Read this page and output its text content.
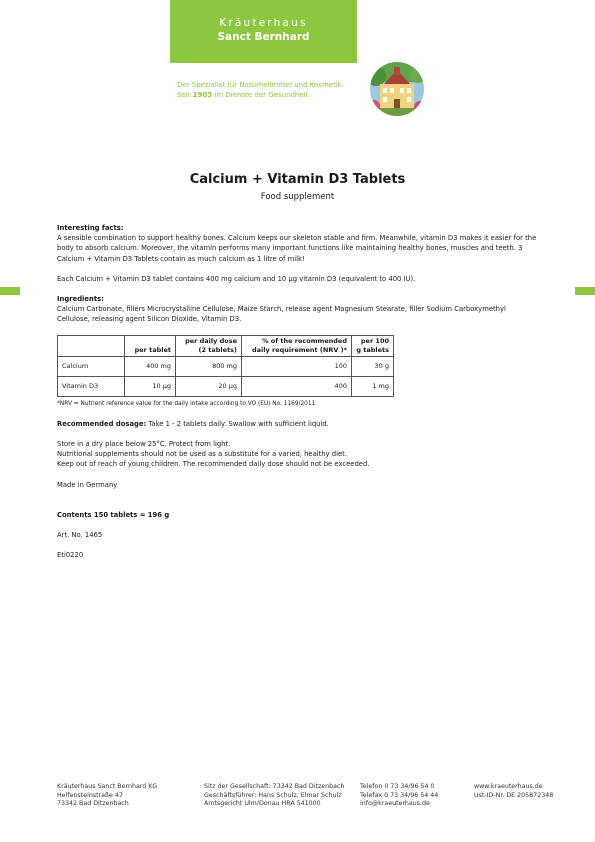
Kräuterhaus
Sanct Bernhard
Der Spezialist für Naturheilmittel und Kosmetik.
Seit 1903 im Dienste der Gesundheit.
Calcium + Vitamin D3 Tablets
Food supplement

Interesting facts:

A sensible combination to support healthy bones. Calcium keeps our skeleton stable and firm. Meanwhile, vitamin D3 makes it easier for the body to absorb calcium. Moreover, the vitamin performs many important functions like maintaining healthy bones, muscles and teeth. 3 Calcium + Vitamin D3 Tablets contain as much calcium as 1 litre of milk!

Each Calcium + Vitamin D3 tablet contains 400 mg calcium and 10 µg vitamin D3 (equivalent to 400 IU).

Ingredients:

Calcium Carbonate, fillers Microcrystalline Cellulose, Maize Starch, release agent Magnesium Stearate, filler Sodium Carboxymethyl Cellulose, releasing agent Silicon Dioxide, Vitamin D3.

	per tablet	per daily dose (2 tablets)	% of the recommended daily requirement (NRV )*	per 100 g tablets
Calcium	400 mg	800 mg	100	30 g
Vitamin D3	10 µg	20 µg	400	1 mg

*NRV = Nutrient reference value for the daily intake according to VO (EU) No. 1169/2011

Recommended dosage: Take 1 - 2 tablets daily. Swallow with sufficient liquid.

Store in a dry place below 25°C. Protect from light.

Nutritional supplements should not be used as a substitute for a varied, healthy diet.

Keep out of reach of young children. The recommended daily dose should not be exceeded.

Made in Germany

Contents 150 tablets = 196 g

Art. No. 1465

Eti0220

Kräuterhaus Sanct Bernhard KG
Helfensteinstraße 47
73342 Bad Ditzenbach
Sitz der Gesellschaft: 73342 Bad Ditzenbach
Geschäftsführer: Hans Schulz, Elmar Schulz
Amtsgericht Ulm/Donau HRA 541000
Telefon 0 73 34/96 54 0
Telefax 0 73 34/96 54 44
info@kraeuterhaus.de
www.kraeuterhaus.de
Ust-ID-Nr. DE 205872348
